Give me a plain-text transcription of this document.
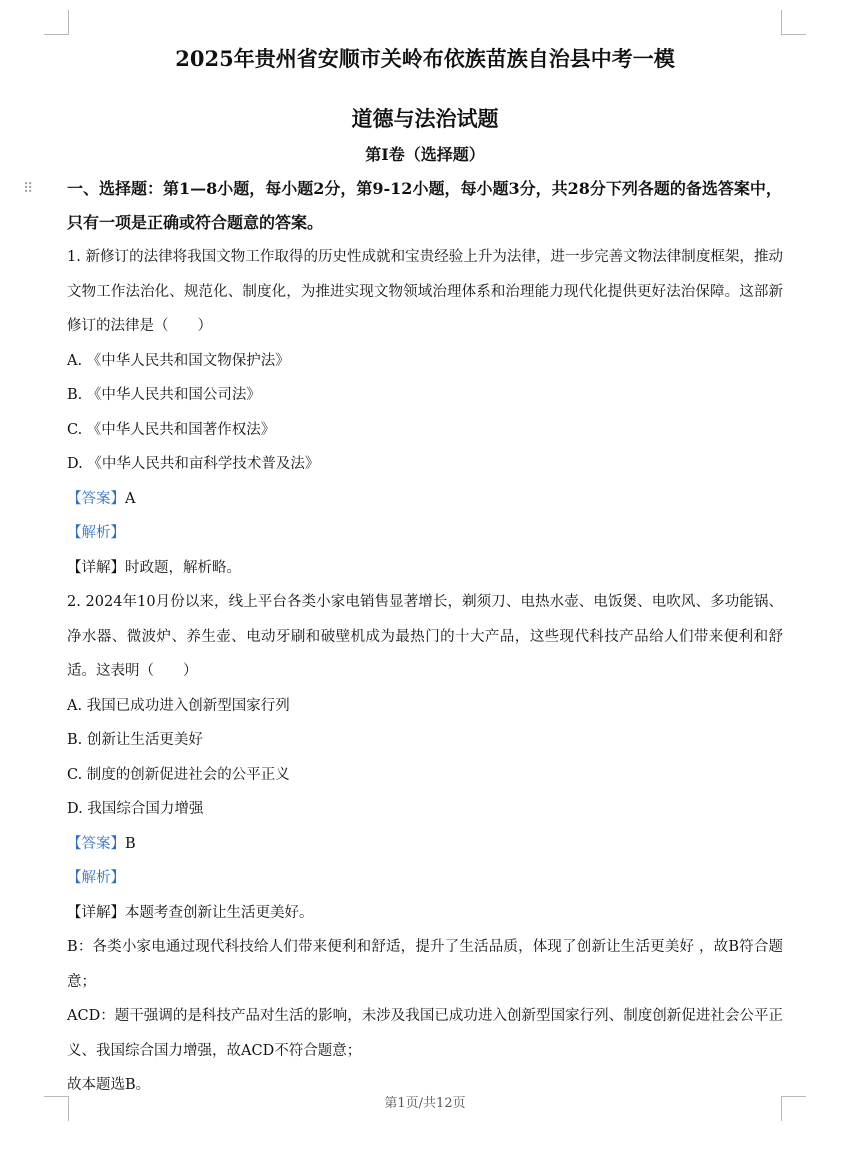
2025年贵州省安顺市关岭布依族苗族自治县中考一模
道德与法治试题
第I卷（选择题）
⠿ 一、选择题：第1—8小题，每小题2分，第9-12小题，每小题3分，共28分下列各题的备选答案中，只有一项是正确或符合题意的答案。

1. 新修订的法律将我国文物工作取得的历史性成就和宝贵经验上升为法律，进一步完善文物法律制度框架，推动文物工作法治化、规范化、制度化，为推进实现文物领域治理体系和治理能力现代化提供更好法治保障。这部新修订的法律是（　　）

A. 《中华人民共和国文物保护法》
B. 《中华人民共和国公司法》
C. 《中华人民共和国著作权法》
D. 《中华人民共和亩科学技术普及法》
【答案】A
【解析】
【详解】时政题，解析略。

2. 2024年10月份以来，线上平台各类小家电销售显著增长，剃须刀、电热水壶、电饭煲、电吹风、多功能锅、净水器、微波炉、养生壶、电动牙刷和破壁机成为最热门的十大产品，这些现代科技产品给人们带来便利和舒适。这表明（　　）

A. 我国已成功进入创新型国家行列
B. 创新让生活更美好
C. 制度的创新促进社会的公平正义
D. 我国综合国力增强
【答案】B
【解析】
【详解】本题考查创新让生活更美好。

B：各类小家电通过现代科技给人们带来便利和舒适，提升了生活品质，体现了创新让生活更美好 ，故B符合题意；

ACD：题干强调的是科技产品对生活的影响，未涉及我国已成功进入创新型国家行列、制度创新促进社会公平正义、我国综合国力增强，故ACD不符合题意；

故本题选B。

第1页/共12页
